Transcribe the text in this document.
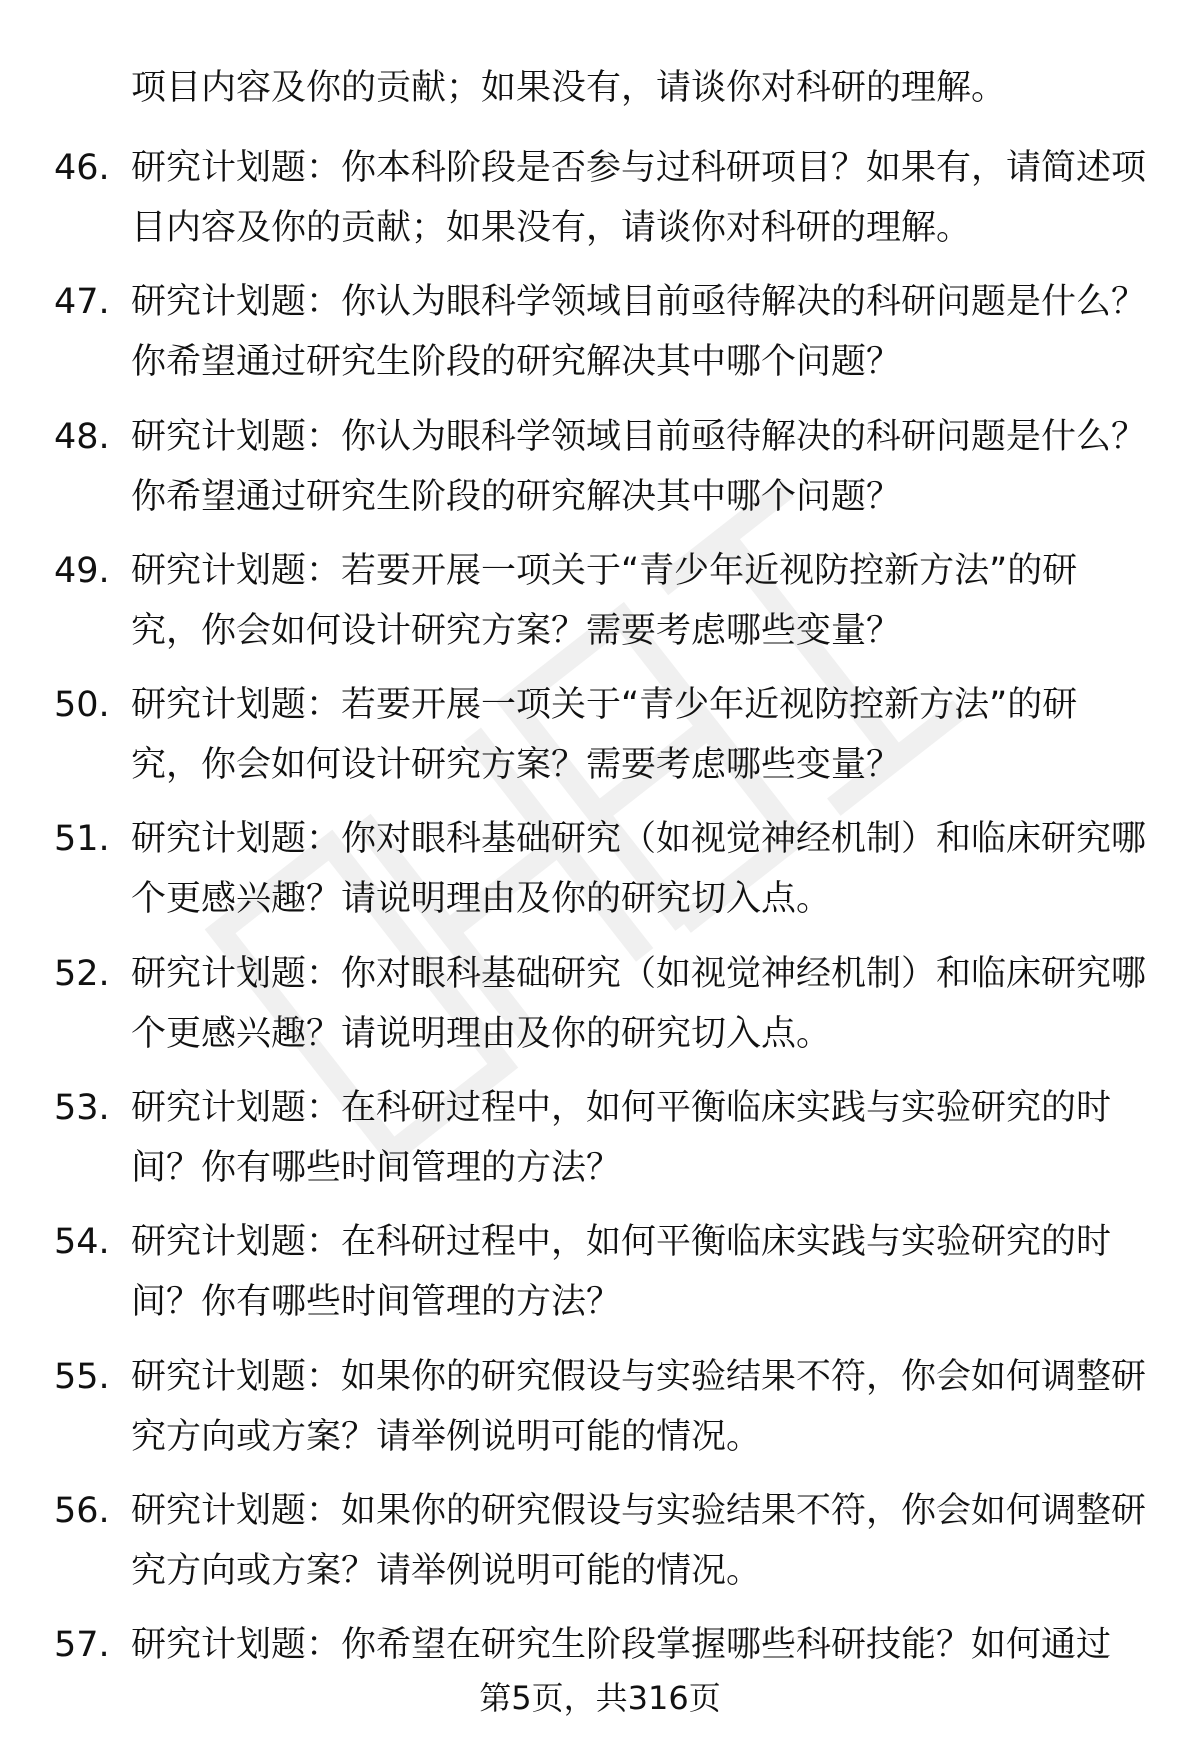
项目内容及你的贡献；如果没有，请谈你对科研的理解。
46. 研究计划题：你本科阶段是否参与过科研项目？如果有，请简述项目内容及你的贡献；如果没有，请谈你对科研的理解。
47. 研究计划题：你认为眼科学领域目前亟待解决的科研问题是什么？你希望通过研究生阶段的研究解决其中哪个问题？
48. 研究计划题：你认为眼科学领域目前亟待解决的科研问题是什么？你希望通过研究生阶段的研究解决其中哪个问题？
49. 研究计划题：若要开展一项关于“青少年近视防控新方法”的研究，你会如何设计研究方案？需要考虑哪些变量？
50. 研究计划题：若要开展一项关于“青少年近视防控新方法”的研究，你会如何设计研究方案？需要考虑哪些变量？
51. 研究计划题：你对眼科基础研究（如视觉神经机制）和临床研究哪个更感兴趣？请说明理由及你的研究切入点。
52. 研究计划题：你对眼科基础研究（如视觉神经机制）和临床研究哪个更感兴趣？请说明理由及你的研究切入点。
53. 研究计划题：在科研过程中，如何平衡临床实践与实验研究的时间？你有哪些时间管理的方法？
54. 研究计划题：在科研过程中，如何平衡临床实践与实验研究的时间？你有哪些时间管理的方法？
55. 研究计划题：如果你的研究假设与实验结果不符，你会如何调整研究方向或方案？请举例说明可能的情况。
56. 研究计划题：如果你的研究假设与实验结果不符，你会如何调整研究方向或方案？请举例说明可能的情况。
57. 研究计划题：你希望在研究生阶段掌握哪些科研技能？如何通过
第5页，共316页
